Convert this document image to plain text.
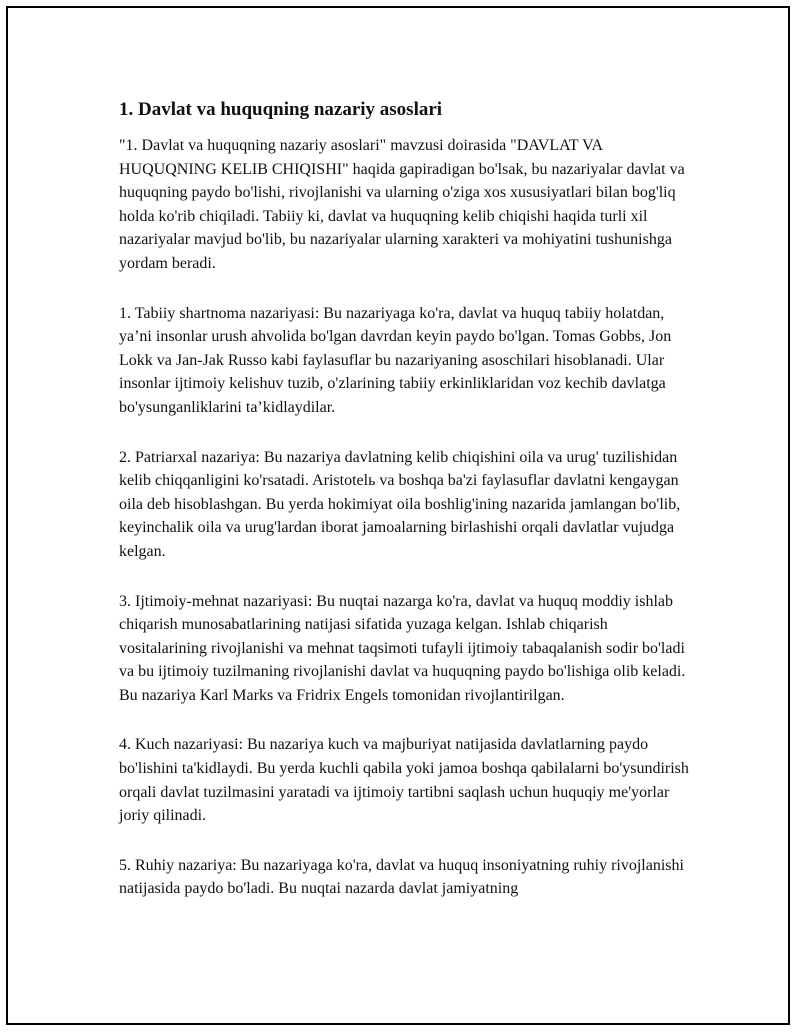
1. Davlat va huquqning nazariy asoslari

"1. Davlat va huquqning nazariy asoslari" mavzusi doirasida "DAVLAT VA HUQUQNING KELIB CHIQISHI" haqida gapiradigan bo'lsak, bu nazariyalar davlat va huquqning paydo bo'lishi, rivojlanishi va ularning o'ziga xos xususiyatlari bilan bog'liq holda ko'rib chiqiladi. Tabiiy ki, davlat va huquqning kelib chiqishi haqida turli xil nazariyalar mavjud bo'lib, bu nazariyalar ularning xarakteri va mohiyatini tushunishga yordam beradi.

1. Tabiiy shartnoma nazariyasi: Bu nazariyaga ko'ra, davlat va huquq tabiiy holatdan, ya’ni insonlar urush ahvolida bo'lgan davrdan keyin paydo bo'lgan. Tomas Gobbs, Jon Lokk va Jan-Jak Russo kabi faylasuflar bu nazariyaning asoschilari hisoblanadi. Ular insonlar ijtimoiy kelishuv tuzib, o'zlarining tabiiy erkinliklaridan voz kechib davlatga bo'ysunganliklarini ta’kidlaydilar.

2. Patriarxal nazariya: Bu nazariya davlatning kelib chiqishini oila va urug' tuzilishidan kelib chiqqanligini ko'rsatadi. Aristotelь va boshqa ba'zi faylasuflar davlatni kengaygan oila deb hisoblashgan. Bu yerda hokimiyat oila boshlig'ining nazarida jamlangan bo'lib, keyinchalik oila va urug'lardan iborat jamoalarning birlashishi orqali davlatlar vujudga kelgan.

3. Ijtimoiy-mehnat nazariyasi: Bu nuqtai nazarga ko'ra, davlat va huquq moddiy ishlab chiqarish munosabatlarining natijasi sifatida yuzaga kelgan. Ishlab chiqarish vositalarining rivojlanishi va mehnat taqsimoti tufayli ijtimoiy tabaqalanish sodir bo'ladi va bu ijtimoiy tuzilmaning rivojlanishi davlat va huquqning paydo bo'lishiga olib keladi. Bu nazariya Karl Marks va Fridrix Engels tomonidan rivojlantirilgan.

4. Kuch nazariyasi: Bu nazariya kuch va majburiyat natijasida davlatlarning paydo bo'lishini ta'kidlaydi. Bu yerda kuchli qabila yoki jamoa boshqa qabilalarni bo'ysundirish orqali davlat tuzilmasini yaratadi va ijtimoiy tartibni saqlash uchun huquqiy me'yorlar joriy qilinadi.

5. Ruhiy nazariya: Bu nazariyaga ko'ra, davlat va huquq insoniyatning ruhiy rivojlanishi natijasida paydo bo'ladi. Bu nuqtai nazarda davlat jamiyatning
